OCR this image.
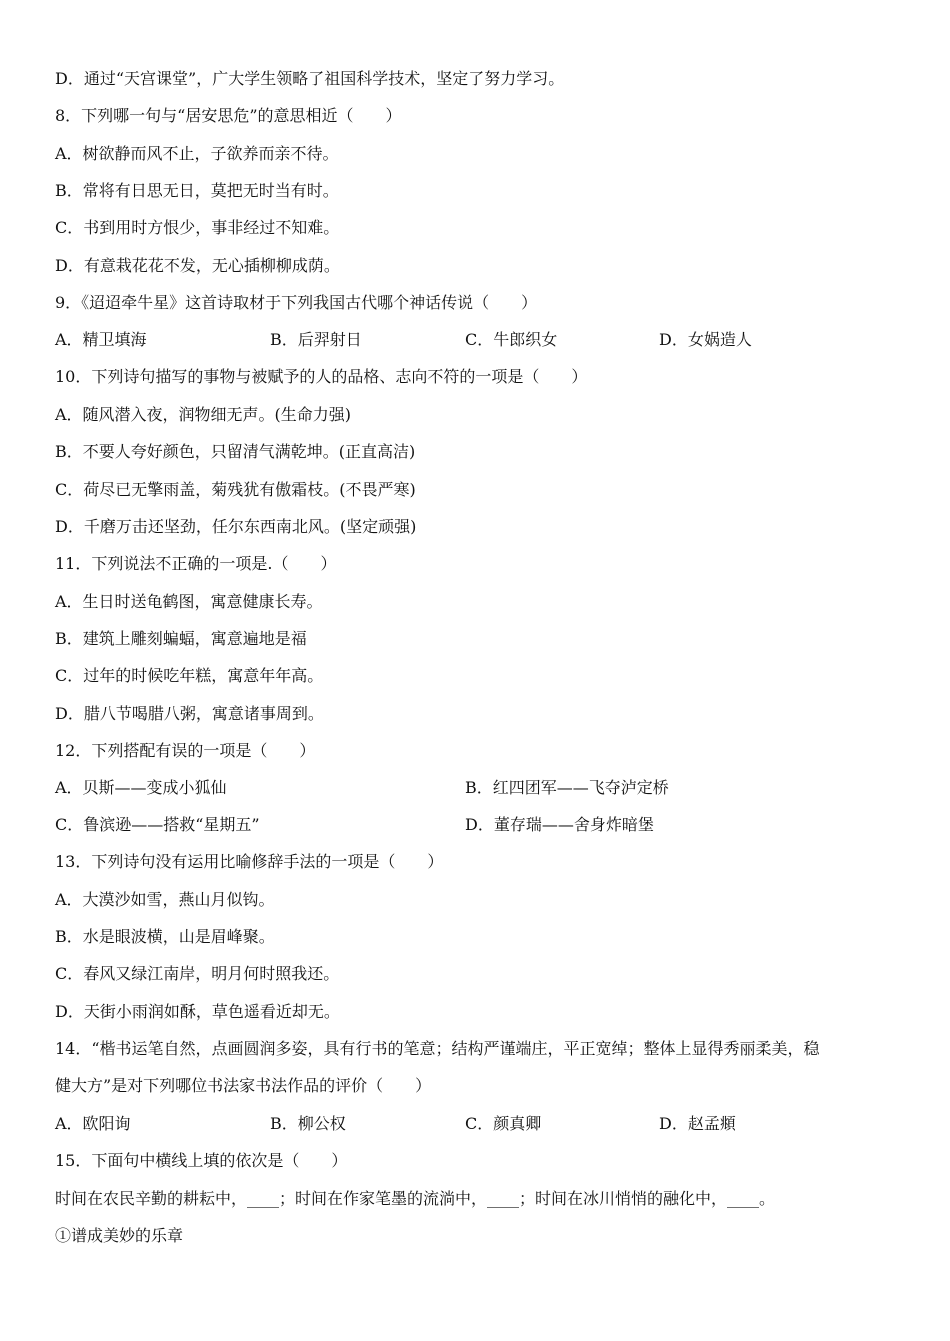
D．通过“天宫课堂”，广大学生领略了祖国科学技术，坚定了努力学习。
8．下列哪一句与“居安思危”的意思相近（　　）
A．树欲静而风不止，子欲养而亲不待。
B．常将有日思无日，莫把无时当有时。
C．书到用时方恨少，事非经过不知难。
D．有意栽花花不发，无心插柳柳成荫。
9．《迢迢牵牛星》这首诗取材于下列我国古代哪个神话传说（　　）
A．精卫填海	B．后羿射日	C．牛郎织女	D．女娲造人
10．下列诗句描写的事物与被赋予的人的品格、志向不符的一项是（　　）
A．随风潜入夜，润物细无声。(生命力强)
B．不要人夸好颜色，只留清气满乾坤。(正直高洁)
C．荷尽已无擎雨盖，菊残犹有傲霜枝。(不畏严寒)
D．千磨万击还坚劲，任尔东西南北风。(坚定顽强)
11．下列说法不正确的一项是.（　　）
A．生日时送龟鹤图，寓意健康长寿。
B．建筑上雕刻蝙蝠，寓意遍地是福
C．过年的时候吃年糕，寓意年年高。
D．腊八节喝腊八粥，寓意诸事周到。
12．下列搭配有误的一项是（　　）
A．贝斯——变成小狐仙	B．红四团军——飞夺泸定桥
C．鲁滨逊——搭救“星期五”	D．董存瑞——舍身炸暗堡
13．下列诗句没有运用比喻修辞手法的一项是（　　）
A．大漠沙如雪，燕山月似钩。
B．水是眼波横，山是眉峰聚。
C．春风又绿江南岸，明月何时照我还。
D．天街小雨润如酥，草色遥看近却无。
14．“楷书运笔自然，点画圆润多姿，具有行书的笔意；结构严谨端庄，平正宽绰；整体上显得秀丽柔美，稳
健大方”是对下列哪位书法家书法作品的评价（　　）
A．欧阳询	B．柳公权	C．颜真卿	D．赵孟頫
15．下面句中横线上填的依次是（　　）
时间在农民辛勤的耕耘中，____；时间在作家笔墨的流淌中，____；时间在冰川悄悄的融化中，____。
①谱成美妙的乐章
